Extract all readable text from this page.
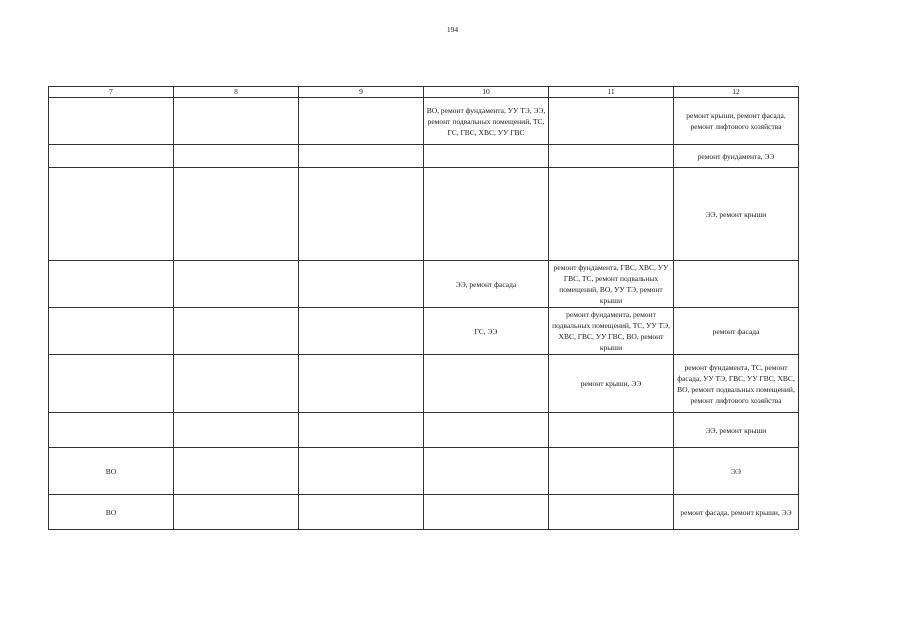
194
7	8	9	10	11	12
			ВО, ремонт фундамента, УУ ТЭ, ЭЭ, ремонт подвальных помещений, ТС, ГС, ГВС, ХВС, УУ ГВС		ремонт крыши, ремонт фасада, ремонт лифтового хозяйства
					ремонт фундамента, ЭЭ
					ЭЭ, ремонт крыши
			ЭЭ, ремонт фасада	ремонт фундамента, ГВС, ХВС, УУ ГВС, ТС, ремонт подвальных помещений, ВО, УУ ТЭ, ремонт крыши	
			ГС, ЭЭ	ремонт фундамента, ремонт подвальных помещений, ТС, УУ ТЭ, ХВС, ГВС, УУ ГВС, ВО, ремонт крыши	ремонт фасада
				ремонт крыши, ЭЭ	ремонт фундамента, ТС, ремонт фасада, УУ ТЭ, ГВС, УУ ГВС, ХВС, ВО, ремонт подвальных помещений, ремонт лифтового хозяйства
					ЭЭ, ремонт крыши
ВО					ЭЭ
ВО					ремонт фасада, ремонт крыши, ЭЭ
